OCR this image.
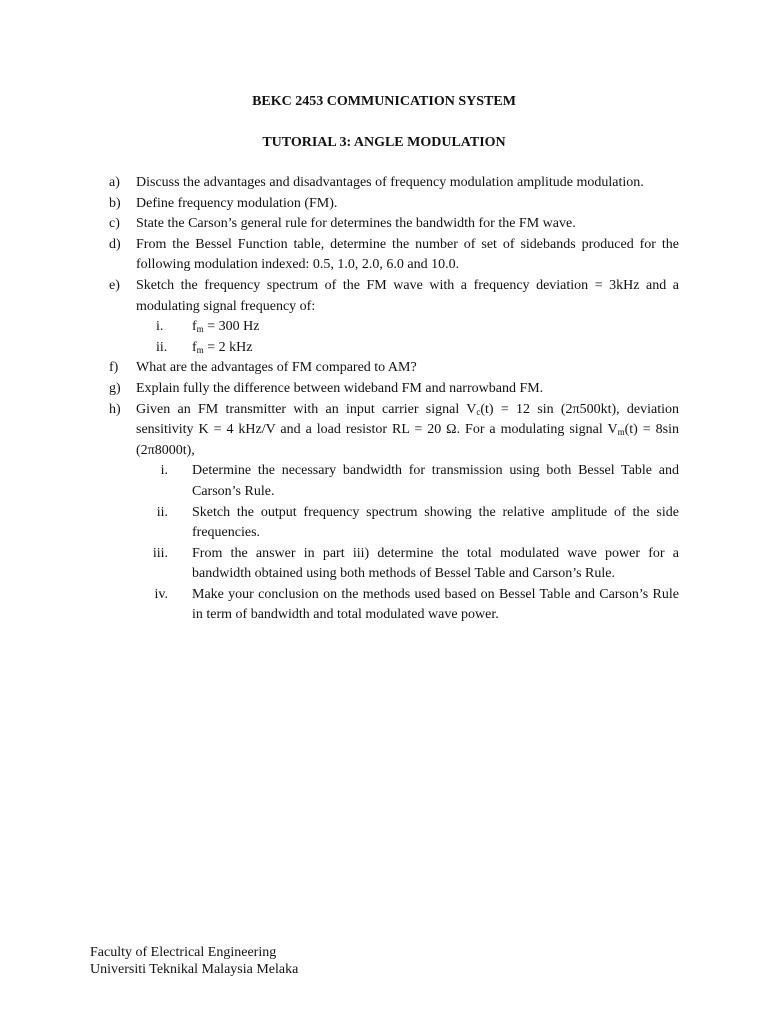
BEKC 2453 COMMUNICATION SYSTEM
TUTORIAL 3: ANGLE MODULATION
a)	Discuss the advantages and disadvantages of frequency modulation amplitude modulation.
b)	Define frequency modulation (FM).
c)	State the Carson’s general rule for determines the bandwidth for the FM wave.
d)	From the Bessel Function table, determine the number of set of sidebands produced for the following modulation indexed: 0.5, 1.0, 2.0, 6.0 and 10.0.
e)	Sketch the frequency spectrum of the FM wave with a frequency deviation = 3kHz and a modulating signal frequency of:
i.	$f_m = 300$ Hz
ii.	$f_m = 2$ kHz
f)	What are the advantages of FM compared to AM?
g)	Explain fully the difference between wideband FM and narrowband FM.
h)	Given an FM transmitter with an input carrier signal $V_c(t) = 12$ sin (2π500kt), deviation sensitivity K = 4 kHz/V and a load resistor RL = 20 Ω. For a modulating signal $V_m(t) = 8\sin$ (2π8000t),
i. Determine the necessary bandwidth for transmission using both Bessel Table and Carson’s Rule.
ii. Sketch the output frequency spectrum showing the relative amplitude of the side frequencies.
iii. From the answer in part iii) determine the total modulated wave power for a bandwidth obtained using both methods of Bessel Table and Carson’s Rule.
iv. Make your conclusion on the methods used based on Bessel Table and Carson’s Rule in term of bandwidth and total modulated wave power.
Faculty of Electrical Engineering
Universiti Teknikal Malaysia Melaka
